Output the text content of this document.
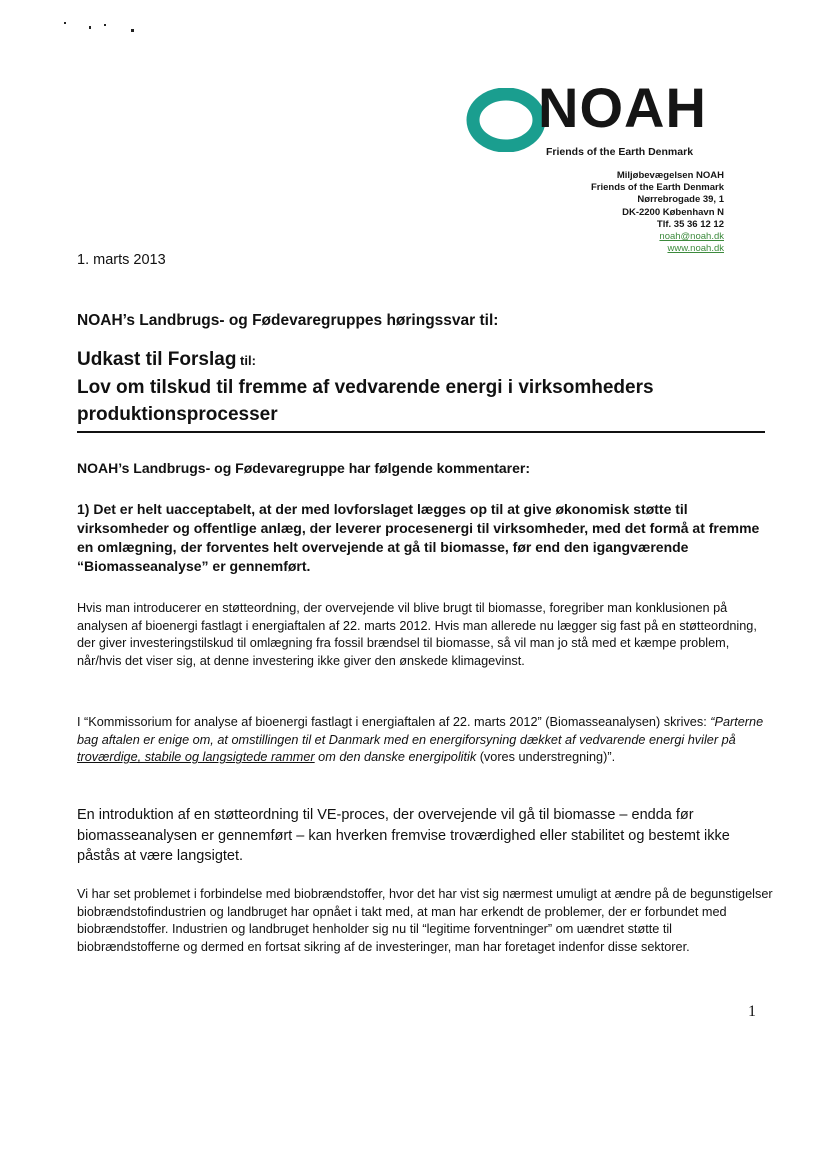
NOAH
Friends of the Earth Denmark
Miljøbevægelsen NOAH
Friends of the Earth Denmark
Nørrebrogade 39, 1
DK-2200 København N
Tlf. 35 36 12 12
noah@noah.dk
www.noah.dk
1. marts 2013
NOAH’s Landbrugs- og Fødevaregruppes høringssvar til:
Udkast til Forslag til:
Lov om tilskud til fremme af vedvarende energi i virksomheders produktionsprocesser
NOAH’s Landbrugs- og Fødevaregruppe har følgende kommentarer:
1) Det er helt uacceptabelt, at der med lovforslaget lægges op til at give økonomisk støtte til virksomheder og offentlige anlæg, der leverer procesenergi til virksomheder, med det formå at fremme en omlægning, der forventes helt overvejende at gå til biomasse, før end den igangværende “Biomasseanalyse” er gennemført.
Hvis man introducerer en støtteordning, der overvejende vil blive brugt til biomasse, foregriber man konklusionen på analysen af bioenergi fastlagt i energiaftalen af 22. marts 2012. Hvis man allerede nu lægger sig fast på en støtteordning, der giver investeringstilskud til omlægning fra fossil brændsel til biomasse, så vil man jo stå med et kæmpe problem, når/hvis det viser sig, at denne investering ikke giver den ønskede klimagevinst.
I “Kommissorium for analyse af bioenergi fastlagt i energiaftalen af 22. marts 2012” (Biomasseanalysen) skrives: “Parterne bag aftalen er enige om, at omstillingen til et Danmark med en energiforsyning dækket af vedvarende energi hviler på troværdige, stabile og langsigtede rammer om den danske energipolitik (vores understregning)”.
En introduktion af en støtteordning til VE-proces, der overvejende vil gå til biomasse – endda før biomasseanalysen er gennemført – kan hverken fremvise troværdighed eller stabilitet og bestemt ikke påstås at være langsigtet.
Vi har set problemet i forbindelse med biobrændstoffer, hvor det har vist sig nærmest umuligt at ændre på de begunstigelser biobrændstofindustrien og landbruget har opnået i takt med, at man har erkendt de problemer, der er forbundet med biobrændstoffer. Industrien og landbruget henholder sig nu til “legitime forventninger” om uændret støtte til biobrændstofferne og dermed en fortsat sikring af de investeringer, man har foretaget indenfor disse sektorer.
1
